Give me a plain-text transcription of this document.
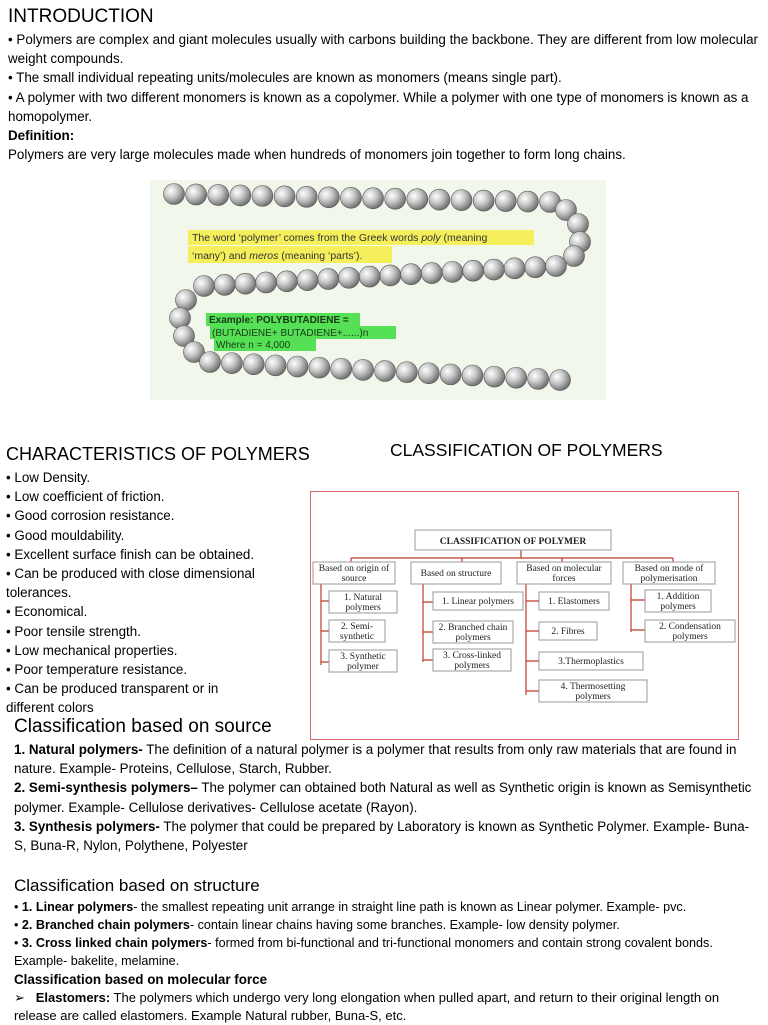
INTRODUCTION
• Polymers are complex and giant molecules usually with carbons building the backbone. They are different from low molecular weight compounds.
• The small individual repeating units/molecules are known as monomers (means single part).
• A polymer with two different monomers is known as a copolymer. While a polymer with one type of monomers is known as a homopolymer.
Definition:
Polymers are very large molecules made when hundreds of monomers join together to form long chains.
The word ‘polymer’ comes from the Greek words poly (meaning
‘many’) and meros (meaning ‘parts’).
Example: POLYBUTADIENE =
(BUTADIENE+ BUTADIENE+......)n
Where n = 4,000
CHARACTERISTICS OF POLYMERS
• Low Density.
• Low coefficient of friction.
• Good corrosion resistance.
• Good mouldability.
• Excellent surface finish can be obtained.
• Can be produced with close dimensional tolerances.
• Economical.
• Poor tensile strength.
• Low mechanical properties.
• Poor temperature resistance.
• Can be produced transparent or in different colors
CLASSIFICATION OF POLYMERS
CLASSIFICATION OF POLYMER
Based on origin of
source	Based on structure	Based on molecular
forces
Based on mode of
polymerisation
1. Natural
polymers
2. Semi-
synthetic
3. Synthetic
polymer
1. Linear polymers
2. Branched chain
polymers
3. Cross-linked
polymers
1. Elastomers
2. Fibres
3.Thermoplastics
4. Thermosetting
polymers
1. Addition
polymers
2. Condensation
polymers
Classification based on source
1. Natural polymers- The definition of a natural polymer is a polymer that results from only raw materials that are found in nature. Example- Proteins, Cellulose, Starch, Rubber.
2. Semi-synthesis polymers– The polymer can obtained both Natural as well as Synthetic origin is known as Semisynthetic polymer. Example- Cellulose derivatives- Cellulose acetate (Rayon).
3. Synthesis polymers- The polymer that could be prepared by Laboratory is known as Synthetic Polymer. Example- Buna-S, Buna-R, Nylon, Polythene, Polyester
Classification based on structure
• 1. Linear polymers- the smallest repeating unit arrange in straight line path is known as Linear polymer. Example- pvc.
• 2. Branched chain polymers- contain linear chains having some branches. Example- low density polymer.
• 3. Cross linked chain polymers- formed from bi-functional and tri-functional monomers and contain strong covalent bonds. Example- bakelite, melamine.
Classification based on molecular force
➢ Elastomers: The polymers which undergo very long elongation when pulled apart, and return to their original length on release are called elastomers. Example Natural rubber, Buna-S, etc.
